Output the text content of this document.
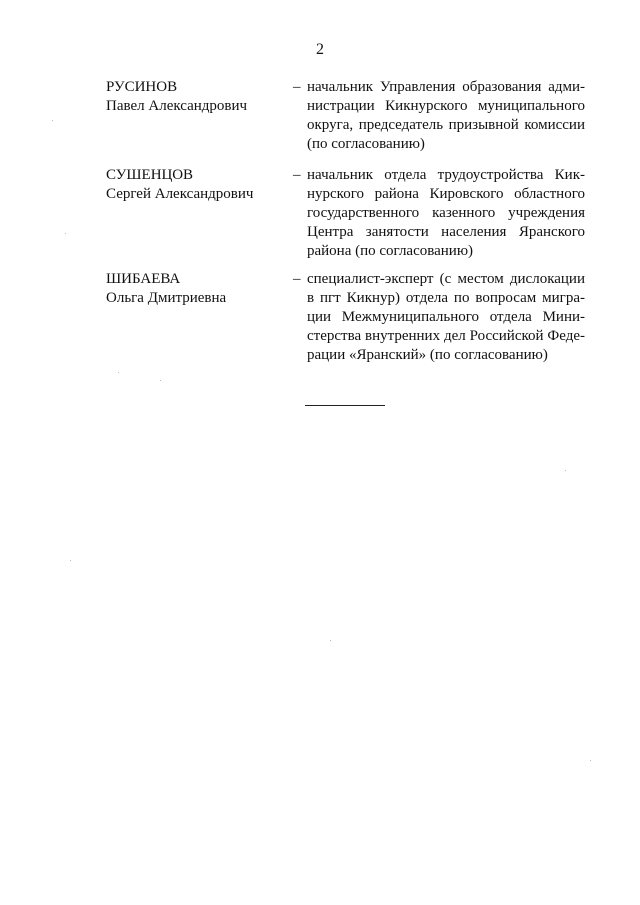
2
РУСИНОВ
Павел Александрович
– начальник Управления образования адми-
нистрации Кикнурского муниципального
округа, председатель призывной комиссии
(по согласованию)
СУШЕНЦОВ
Сергей Александрович
– начальник отдела трудоустройства Кик-
нурского района Кировского областного
государственного казенного учреждения
Центра занятости населения Яранского
района (по согласованию)
ШИБАЕВА
Ольга Дмитриевна
– специалист-эксперт (с местом дислокации
в пгт Кикнур) отдела по вопросам мигра-
ции Межмуниципального отдела Мини-
стерства внутренних дел Российской Феде-
рации «Яранский» (по согласованию)
